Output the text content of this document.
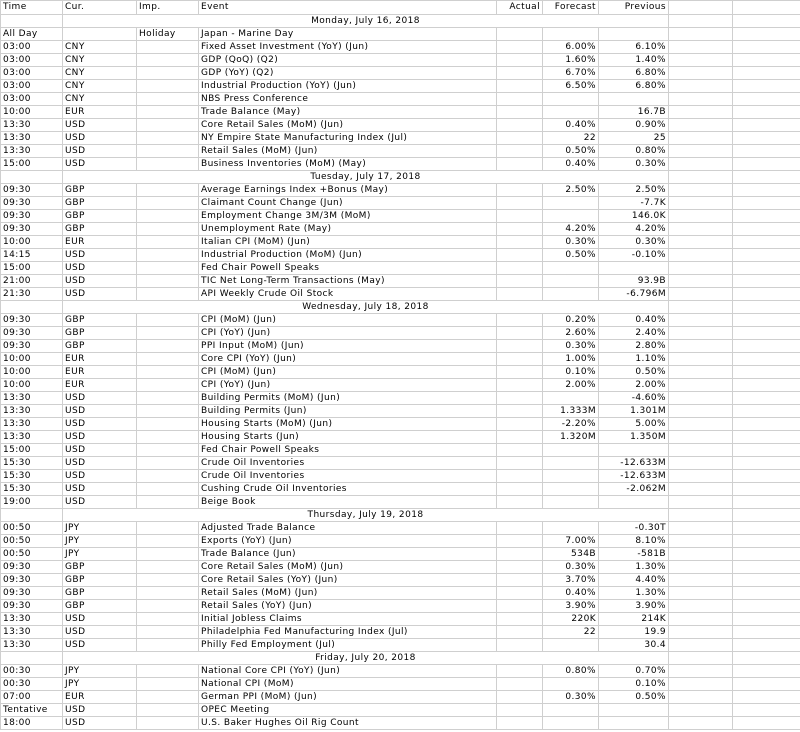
Time	Cur.	Imp.	Event	Actual	Forecast	Previous		
	Monday, July 16, 2018							
All Day		Holiday	Japan - Marine Day					
03:00	CNY		Fixed Asset Investment (YoY) (Jun)		6.00%	6.10%		
03:00	CNY		GDP (QoQ) (Q2)		1.60%	1.40%		
03:00	CNY		GDP (YoY) (Q2)		6.70%	6.80%		
03:00	CNY		Industrial Production (YoY) (Jun)		6.50%	6.80%		
03:00	CNY		NBS Press Conference					
10:00	EUR		Trade Balance (May)			16.7B		
13:30	USD		Core Retail Sales (MoM) (Jun)		0.40%	0.90%		
13:30	USD		NY Empire State Manufacturing Index (Jul)		22	25		
13:30	USD		Retail Sales (MoM) (Jun)		0.50%	0.80%		
15:00	USD		Business Inventories (MoM) (May)		0.40%	0.30%		
	Tuesday, July 17, 2018							
09:30	GBP		Average Earnings Index +Bonus (May)		2.50%	2.50%		
09:30	GBP		Claimant Count Change (Jun)			-7.7K		
09:30	GBP		Employment Change 3M/3M (MoM)			146.0K		
09:30	GBP		Unemployment Rate (May)		4.20%	4.20%		
10:00	EUR		Italian CPI (MoM) (Jun)		0.30%	0.30%		
14:15	USD		Industrial Production (MoM) (Jun)		0.50%	-0.10%		
15:00	USD		Fed Chair Powell Speaks					
21:00	USD		TIC Net Long-Term Transactions (May)			93.9B		
21:30	USD		API Weekly Crude Oil Stock			-6.796M		
	Wednesday, July 18, 2018							
09:30	GBP		CPI (MoM) (Jun)		0.20%	0.40%		
09:30	GBP		CPI (YoY) (Jun)		2.60%	2.40%		
09:30	GBP		PPI Input (MoM) (Jun)		0.30%	2.80%		
10:00	EUR		Core CPI (YoY) (Jun)		1.00%	1.10%		
10:00	EUR		CPI (MoM) (Jun)		0.10%	0.50%		
10:00	EUR		CPI (YoY) (Jun)		2.00%	2.00%		
13:30	USD		Building Permits (MoM) (Jun)			-4.60%		
13:30	USD		Building Permits (Jun)		1.333M	1.301M		
13:30	USD		Housing Starts (MoM) (Jun)		-2.20%	5.00%		
13:30	USD		Housing Starts (Jun)		1.320M	1.350M		
15:00	USD		Fed Chair Powell Speaks					
15:30	USD		Crude Oil Inventories			-12.633M		
15:30	USD		Crude Oil Inventories			-12.633M		
15:30	USD		Cushing Crude Oil Inventories			-2.062M		
19:00	USD		Beige Book					
	Thursday, July 19, 2018							
00:50	JPY		Adjusted Trade Balance			-0.30T		
00:50	JPY		Exports (YoY) (Jun)		7.00%	8.10%		
00:50	JPY		Trade Balance (Jun)		534B	-581B		
09:30	GBP		Core Retail Sales (MoM) (Jun)		0.30%	1.30%		
09:30	GBP		Core Retail Sales (YoY) (Jun)		3.70%	4.40%		
09:30	GBP		Retail Sales (MoM) (Jun)		0.40%	1.30%		
09:30	GBP		Retail Sales (YoY) (Jun)		3.90%	3.90%		
13:30	USD		Initial Jobless Claims		220K	214K		
13:30	USD		Philadelphia Fed Manufacturing Index (Jul)		22	19.9		
13:30	USD		Philly Fed Employment (Jul)			30.4		
	Friday, July 20, 2018							
00:30	JPY		National Core CPI (YoY) (Jun)		0.80%	0.70%		
00:30	JPY		National CPI (MoM)			0.10%		
07:00	EUR		German PPI (MoM) (Jun)		0.30%	0.50%		
Tentative	USD		OPEC Meeting					
18:00	USD		U.S. Baker Hughes Oil Rig Count					
